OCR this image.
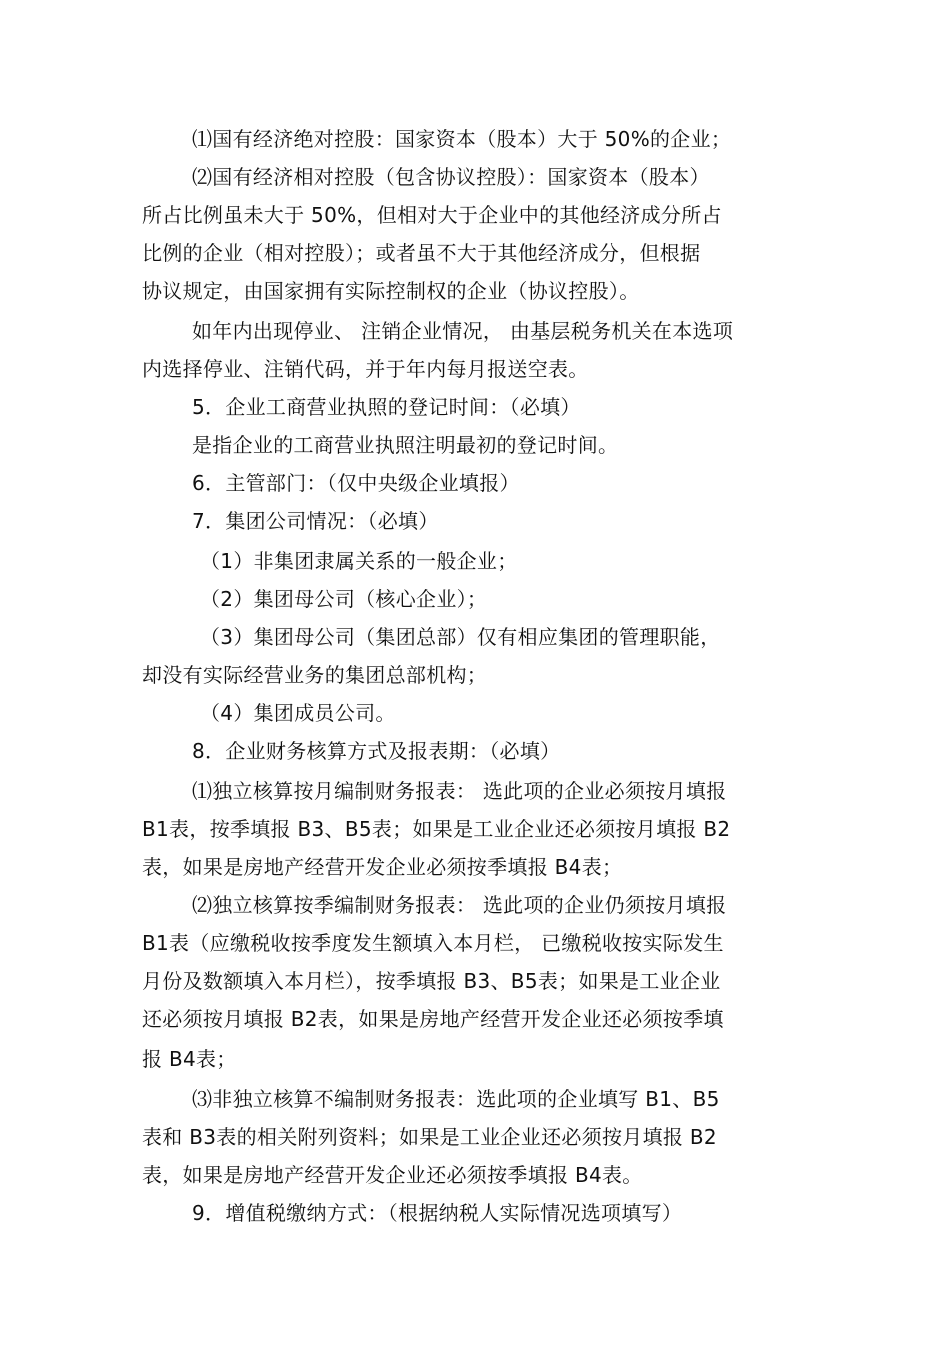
⑴国有经济绝对控股：国家资本（股本）大于 50%的企业；
⑵国有经济相对控股（包含协议控股）：国家资本（股本）
所占比例虽未大于 50%，但相对大于企业中的其他经济成分所占
比例的企业（相对控股）；或者虽不大于其他经济成分，但根据
协议规定，由国家拥有实际控制权的企业（协议控股）。
如年内出现停业、 注销企业情况， 由基层税务机关在本选项
内选择停业、注销代码，并于年内每月报送空表。
5．企业工商营业执照的登记时间：（必填）
是指企业的工商营业执照注明最初的登记时间。
6．主管部门：（仅中央级企业填报）
7．集团公司情况：（必填）
（1）非集团隶属关系的一般企业；
（2）集团母公司（核心企业）；
（3）集团母公司（集团总部）仅有相应集团的管理职能，
却没有实际经营业务的集团总部机构；
（4）集团成员公司。
8．企业财务核算方式及报表期：（必填）
⑴独立核算按月编制财务报表： 选此项的企业必须按月填报
B1表，按季填报 B3、B5表；如果是工业企业还必须按月填报 B2
表，如果是房地产经营开发企业必须按季填报 B4表；
⑵独立核算按季编制财务报表： 选此项的企业仍须按月填报
B1表（应缴税收按季度发生额填入本月栏， 已缴税收按实际发生
月份及数额填入本月栏），按季填报 B3、B5表；如果是工业企业
还必须按月填报 B2表，如果是房地产经营开发企业还必须按季填
报 B4表；
⑶非独立核算不编制财务报表：选此项的企业填写 B1、B5
表和 B3表的相关附列资料；如果是工业企业还必须按月填报 B2
表，如果是房地产经营开发企业还必须按季填报 B4表。
9．增值税缴纳方式：（根据纳税人实际情况选项填写）
